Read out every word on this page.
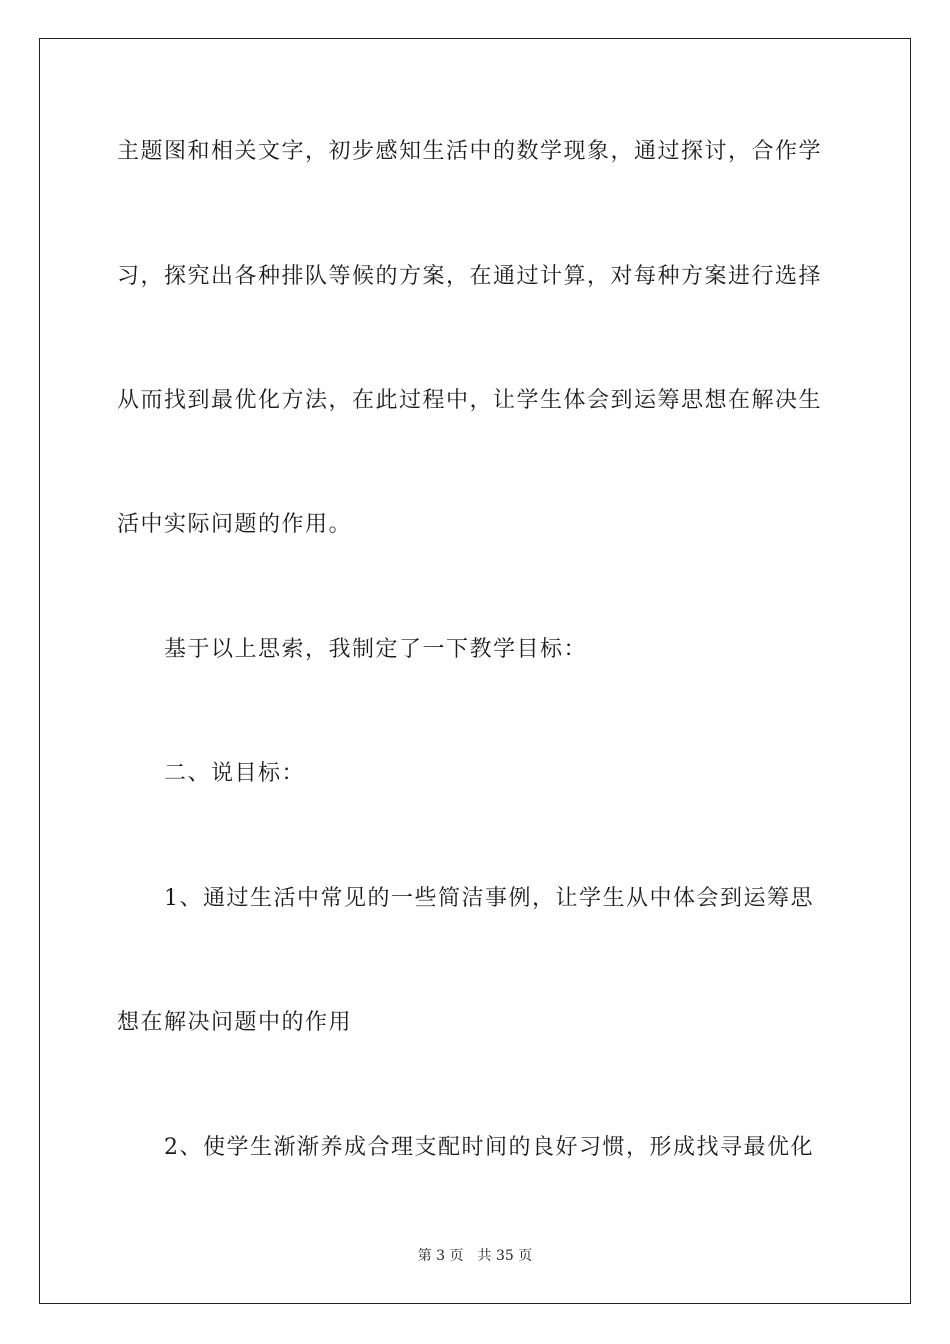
主题图和相关文字，初步感知生活中的数学现象，通过探讨，合作学
习，探究出各种排队等候的方案，在通过计算，对每种方案进行选择
从而找到最优化方法，在此过程中，让学生体会到运筹思想在解决生
活中实际问题的作用。
基于以上思索，我制定了一下教学目标：
二、说目标：
1、通过生活中常见的一些简洁事例，让学生从中体会到运筹思
想在解决问题中的作用
2、使学生渐渐养成合理支配时间的良好习惯，形成找寻最优化
第 3 页 共 35 页
